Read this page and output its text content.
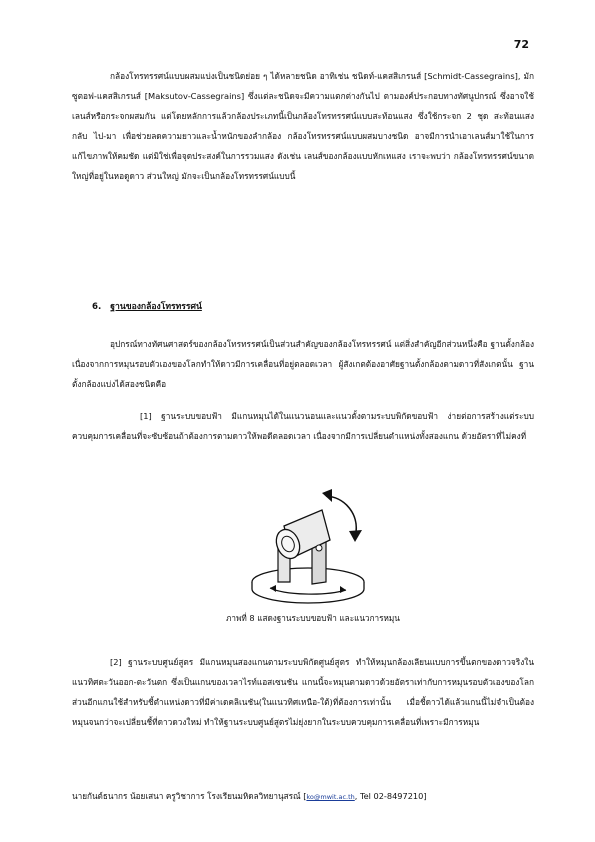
72

กล้องโทรทรรศน์แบบผสมแบ่งเป็นชนิดย่อย ๆ ได้หลายชนิด อาทิเช่น ชนิดท์-แคสสิเกรนส์ [Schmidt-Cassegrains], มักซูตอฟ-แคสสิเกรนส์ [Maksutov-Cassegrains] ซึ่งแต่ละชนิดจะมีความแตกต่างกันไป ตามองค์ประกอบทางทัศนูปกรณ์ ซึ่งอาจใช้เลนส์หรือกระจกผสมกัน แต่โดยหลักการแล้วกล้องประเภทนี้เป็นกล้องโทรทรรศน์แบบสะท้อนแสง ซึ่งใช้กระจก 2 ชุด สะท้อนแสงกลับ ไป-มา เพื่อช่วยลดความยาวและน้ำหนักของลำกล้อง กล้องโทรทรรศน์แบบผสมบางชนิด อาจมีการนำเอาเลนส์มาใช้ในการแก้ไขภาพให้คมชัด แต่มิใช่เพื่อจุดประสงค์ในการรวมแสง ดังเช่น เลนส์ของกล้องแบบหักเหแสง เราจะพบว่า กล้องโทรทรรศน์ขนาดใหญ่ที่อยู่ในหอดูดาว ส่วนใหญ่ มักจะเป็นกล้องโทรทรรศน์แบบนี้

6. ฐานของกล้องโทรทรรศน์

อุปกรณ์ทางทัศนศาสตร์ของกล้องโทรทรรศน์เป็นส่วนสำคัญของกล้องโทรทรรศน์ แต่สิ่งสำคัญอีกส่วนหนึ่งคือ ฐานตั้งกล้อง เนื่องจากการหมุนรอบตัวเองของโลกทำให้ดาวมีการเคลื่อนที่อยู่ตลอดเวลา ผู้สังเกตต้องอาศัยฐานตั้งกล้องตามดาวที่สังเกตนั้น ฐานตั้งกล้องแบ่งได้สองชนิดคือ

[1] ฐานระบบขอบฟ้า มีแกนหมุนได้ในแนวนอนและแนวตั้งตามระบบพิกัดขอบฟ้า ง่ายต่อการสร้างแต่ระบบควบคุมการเคลื่อนที่จะซับซ้อนถ้าต้องการตามดาวให้พอดีตลอดเวลา เนื่องจากมีการเปลี่ยนตำแหน่งทั้งสองแกน ด้วยอัตราที่ไม่คงที่

ภาพที่ 8 แสดงฐานระบบขอบฟ้า และแนวการหมุน

[2] ฐานระบบศูนย์สูตร มีแกนหมุนสองแกนตามระบบพิกัดศูนย์สูตร ทำให้หมุนกล้องเลียนแบบการขึ้นตกของดาวจริงในแนวทิศตะวันออก-ตะวันตก ซึ่งเป็นแกนของเวลาไรท์แอสเซนชัน แกนนี้จะหมุนตามดาวด้วยอัตราเท่ากับการหมุนรอบตัวเองของโลก ส่วนอีกแกนใช้สำหรับชี้ตำแหน่งดาวที่มีค่าเดคลิเนชัน(ในแนวทิศเหนือ-ใต้)ที่ต้องการเท่านั้น เมื่อชี้ดาวได้แล้วแกนนี้ไม่จำเป็นต้องหมุนจนกว่าจะเปลี่ยนชี้ที่ดาวดวงใหม่ ทำให้ฐานระบบศูนย์สูตรไม่ยุ่งยากในระบบควบคุมการเคลื่อนที่เพราะมีการหมุน

นายกันต์ธนากร น้อยเสนา ครูวิชาการ โรงเรียนมหิดลวิทยานุสรณ์ [ko@mwit.ac.th, Tel 02-8497210]
